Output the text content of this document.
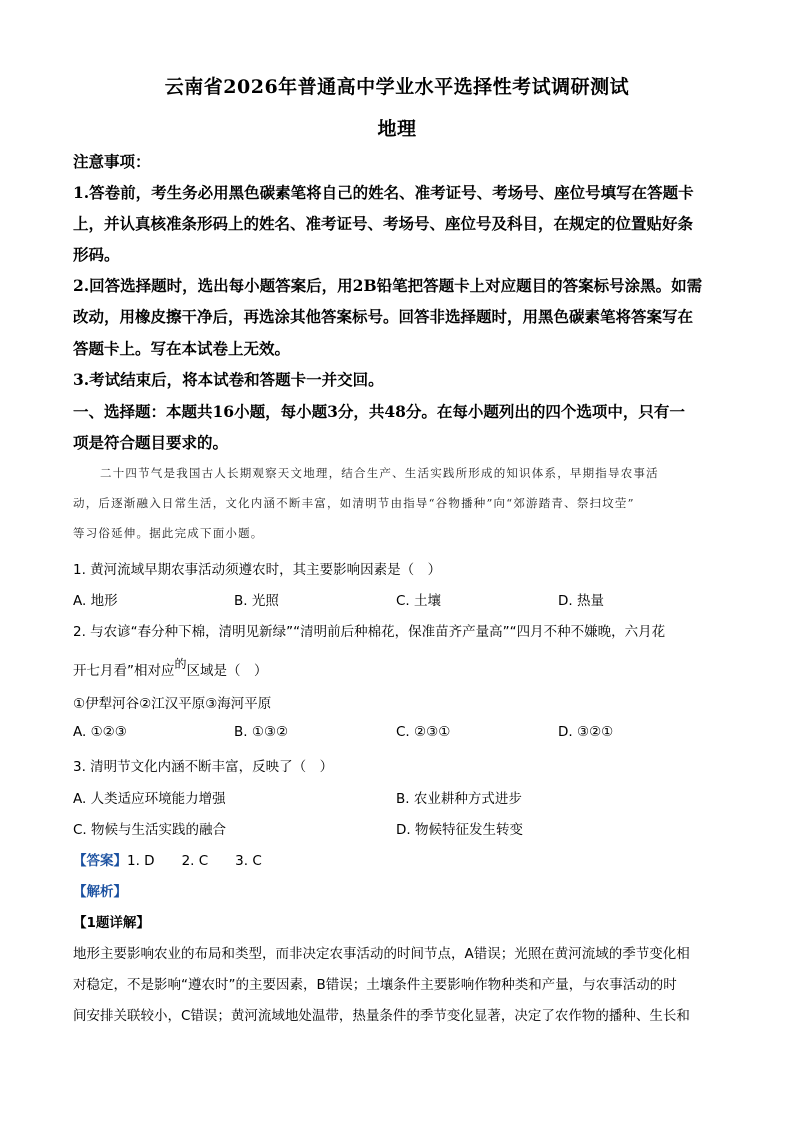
云南省2026年普通高中学业水平选择性考试调研测试
地理
注意事项：
1.答卷前，考生务必用黑色碳素笔将自己的姓名、准考证号、考场号、座位号填写在答题卡
上，并认真核准条形码上的姓名、准考证号、考场号、座位号及科目，在规定的位置贴好条
形码。
2.回答选择题时，选出每小题答案后，用2B铅笔把答题卡上对应题目的答案标号涂黑。如需
改动，用橡皮擦干净后，再选涂其他答案标号。回答非选择题时，用黑色碳素笔将答案写在
答题卡上。写在本试卷上无效。
3.考试结束后，将本试卷和答题卡一并交回。
一、选择题：本题共16小题，每小题3分，共48分。在每小题列出的四个选项中，只有一
项是符合题目要求的。
二十四节气是我国古人长期观察天文地理，结合生产、生活实践所形成的知识体系，早期指导农事活
动，后逐渐融入日常生活，文化内涵不断丰富，如清明节由指导“谷物播种”向“郊游踏青、祭扫坟茔”
等习俗延伸。据此完成下面小题。
1. 黄河流域早期农事活动须遵农时，其主要影响因素是（　）
A. 地形	B. 光照	C. 土壤	D. 热量
2. 与农谚“春分种下棉，清明见新绿”“清明前后种棉花，保准苗齐产量高”“四月不种不嫌晚，六月花
开七月看”相对应的区域是（　）
①伊犁河谷②江汉平原③海河平原
A. ①②③	B. ①③②	C. ②③①	D. ③②①
3. 清明节文化内涵不断丰富，反映了（　）
A. 人类适应环境能力增强	B. 农业耕种方式进步
C. 物候与生活实践的融合	D. 物候特征发生转变
【答案】1. D　　2. C　　3. C
【解析】
【1题详解】
地形主要影响农业的布局和类型，而非决定农事活动的时间节点，A错误；光照在黄河流域的季节变化相
对稳定，不是影响“遵农时”的主要因素，B错误；土壤条件主要影响作物种类和产量，与农事活动的时
间安排关联较小，C错误；黄河流域地处温带，热量条件的季节变化显著，决定了农作物的播种、生长和
